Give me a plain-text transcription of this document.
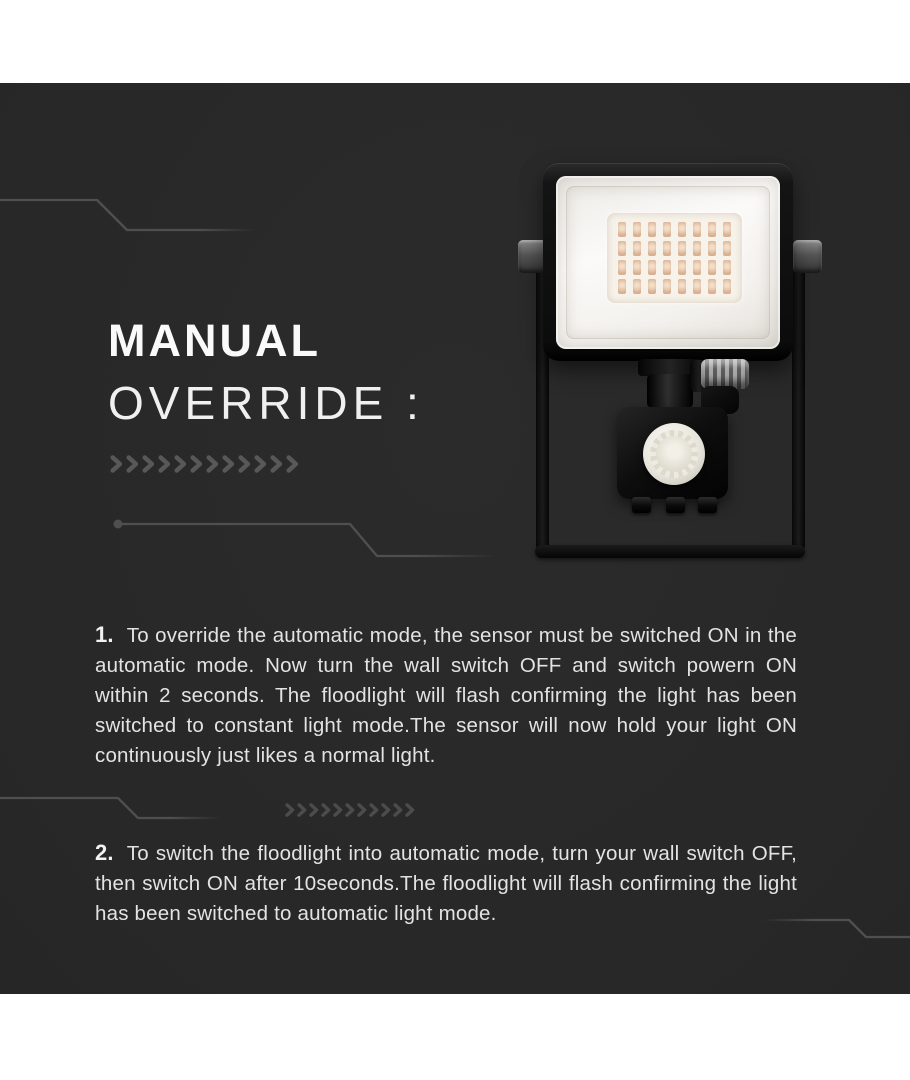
MANUAL
OVERRIDE :

1. To override the automatic mode, the sensor must be switched ON in the automatic mode. Now turn the wall switch OFF and switch powern ON within 2 seconds. The floodlight will flash confirming the light has been switched to constant light mode.The sensor will now hold your light ON continuously just likes a normal light.

2. To switch the floodlight into automatic mode, turn your wall switch OFF, then switch ON after 10seconds.The floodlight will flash confirming the light has been switched to automatic light mode.
